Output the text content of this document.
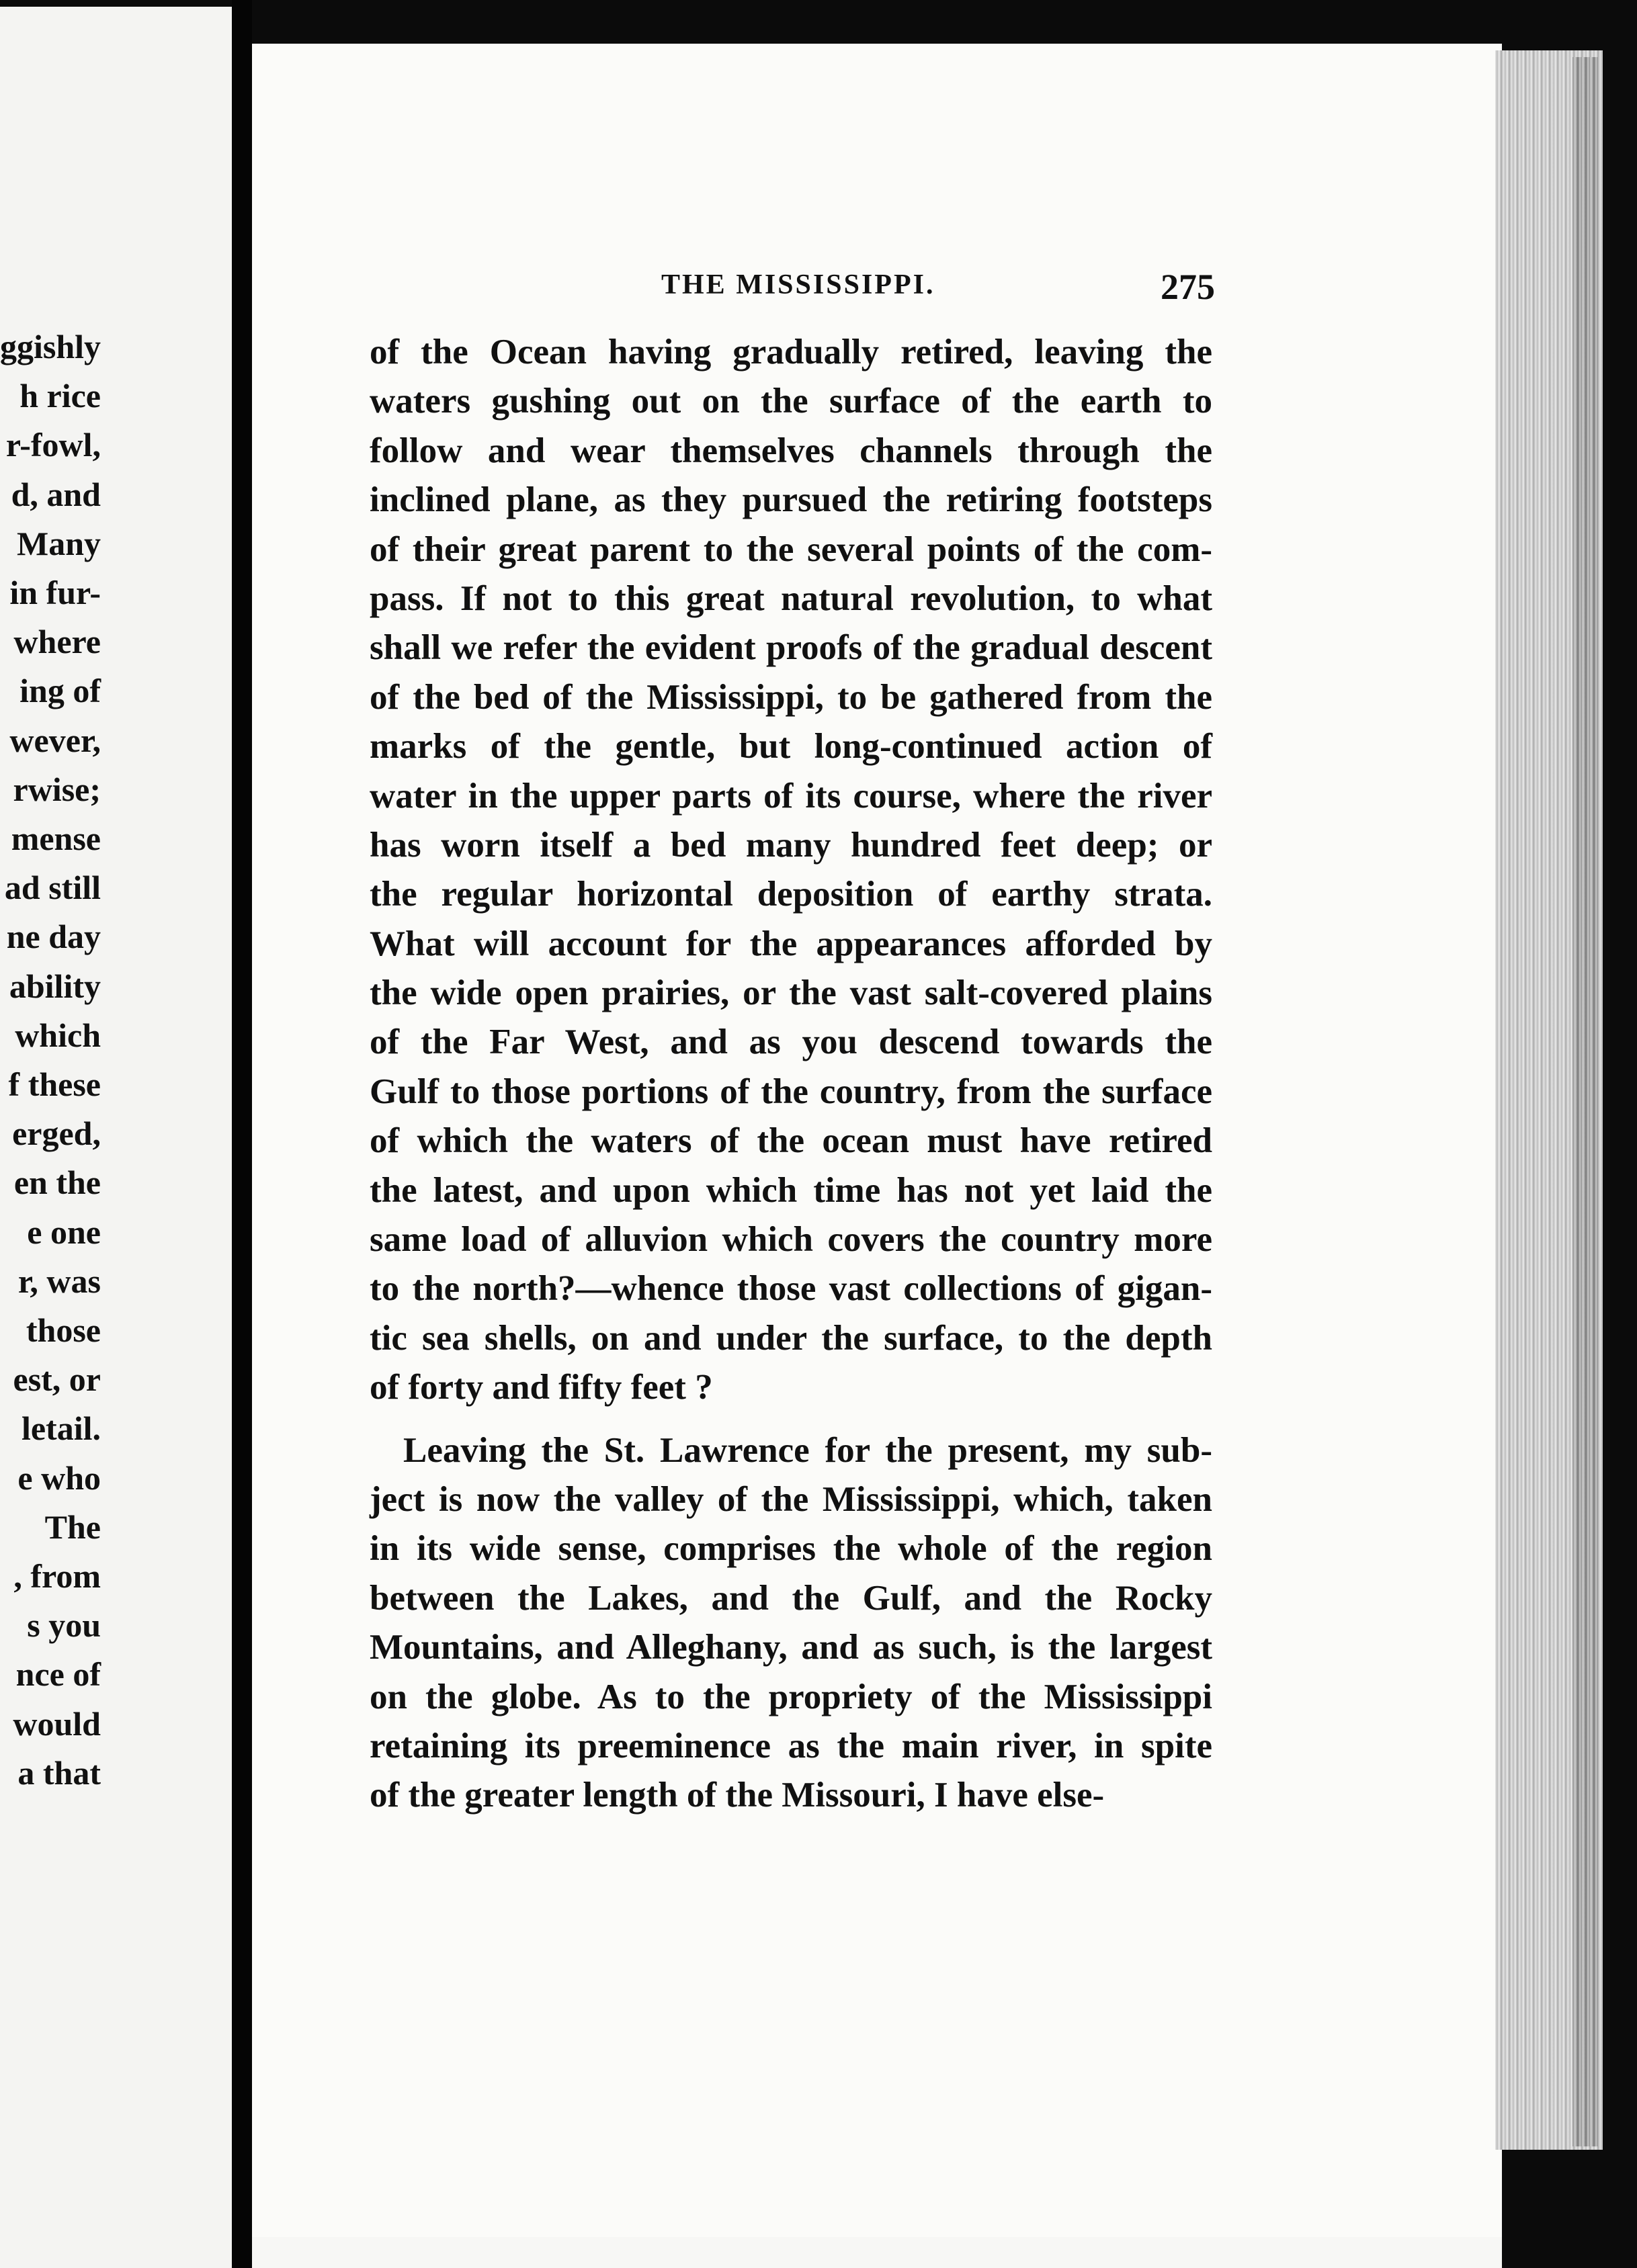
THE MISSISSIPPI.	275
ggishly
h rice
r-fowl,
d, and
Many
in fur-
where
ing of
wever,
rwise;
mense
ad still
ne day
ability
which
f these
erged,
en the
e one
r, was
those
est, or
letail.
e who
The
, from
s you
nce of
would
a that
of the Ocean having gradually retired, leaving the
waters gushing out on the surface of the earth to
follow and wear themselves channels through the
inclined plane, as they pursued the retiring footsteps
of their great parent to the several points of the com-
pass. If not to this great natural revolution, to what
shall we refer the evident proofs of the gradual descent
of the bed of the Mississippi, to be gathered from the
marks of the gentle, but long-continued action of
water in the upper parts of its course, where the river
has worn itself a bed many hundred feet deep; or
the regular horizontal deposition of earthy strata.
What will account for the appearances afforded by
the wide open prairies, or the vast salt-covered plains
of the Far West, and as you descend towards the
Gulf to those portions of the country, from the surface
of which the waters of the ocean must have retired
the latest, and upon which time has not yet laid the
same load of alluvion which covers the country more
to the north?—whence those vast collections of gigan-
tic sea shells, on and under the surface, to the depth
of forty and fifty feet ?
Leaving the St. Lawrence for the present, my sub-
ject is now the valley of the Mississippi, which, taken
in its wide sense, comprises the whole of the region
between the Lakes, and the Gulf, and the Rocky
Mountains, and Alleghany, and as such, is the largest
on the globe. As to the propriety of the Mississippi
retaining its preeminence as the main river, in spite
of the greater length of the Missouri, I have else-
